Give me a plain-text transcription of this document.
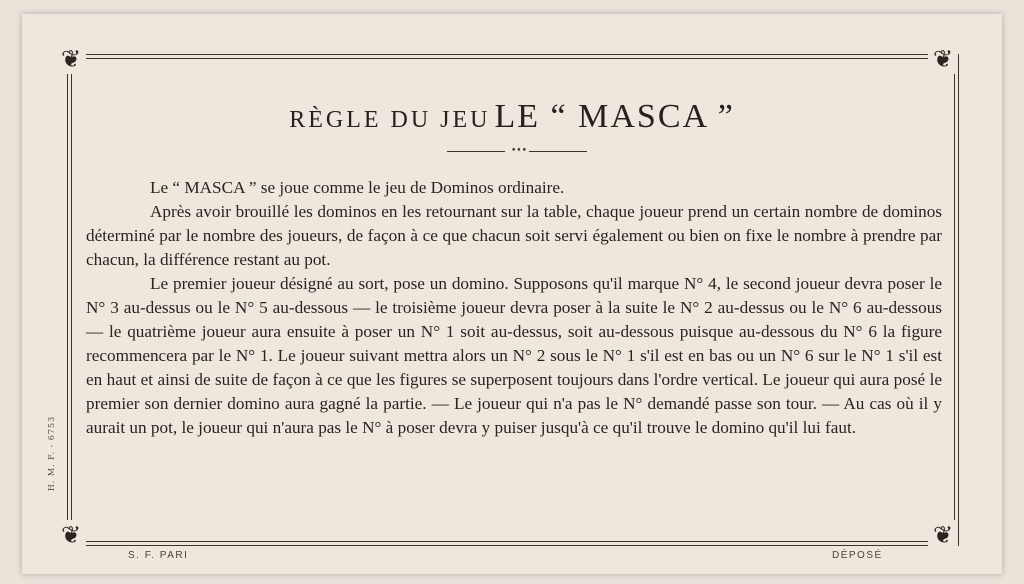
❦	❦
❦	❦
RÈGLE DU JEU LE “ MASCA ”
•••

Le “ MASCA ” se joue comme le jeu de Dominos ordinaire.

Après avoir brouillé les dominos en les retournant sur la table, chaque joueur prend un certain nombre de dominos déterminé par le nombre des joueurs, de façon à ce que chacun soit servi également ou bien on fixe le nombre à prendre par chacun, la différence restant au pot.

Le premier joueur désigné au sort, pose un domino. Supposons qu'il marque N° 4, le second joueur devra poser le N° 3 au-dessus ou le N° 5 au-dessous — le troisième joueur devra poser à la suite le N° 2 au-dessus ou le N° 6 au-dessous — le quatrième joueur aura ensuite à poser un N° 1 soit au-dessus, soit au-dessous puisque au-dessous du N° 6 la figure recommencera par le N° 1. Le joueur suivant mettra alors un N° 2 sous le N° 1 s'il est en bas ou un N° 6 sur le N° 1 s'il est en haut et ainsi de suite de façon à ce que les figures se superposent toujours dans l'ordre vertical. Le joueur qui aura posé le premier son dernier domino aura gagné la partie. — Le joueur qui n'a pas le N° demandé passe son tour. — Au cas où il y aurait un pot, le joueur qui n'aura pas le N° à poser devra y puiser jusqu'à ce qu'il trouve le domino qu'il lui faut.

H. M. F. - 6753
S. F. PARI	DÉPOSÉ
